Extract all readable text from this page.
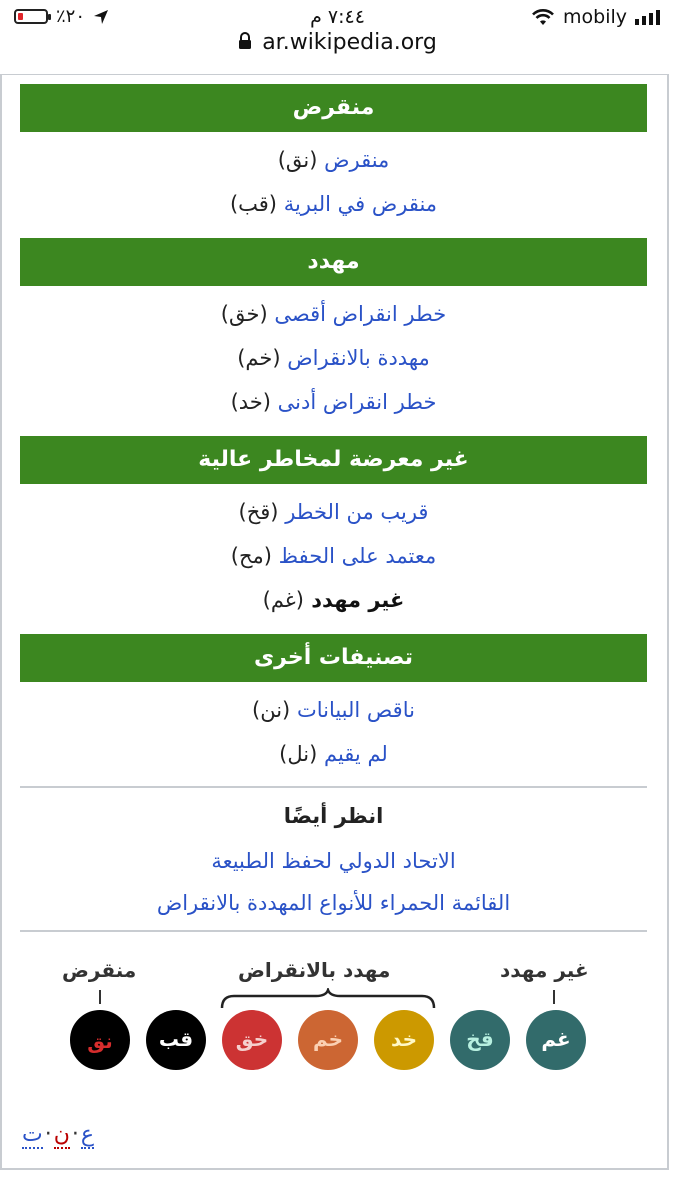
٪٢٠	٧:٤٤ م	mobily
ar.wikipedia.org
منقرض
منقرض (نق)
منقرض في البرية (قب)
مهدد
خطر انقراض أقصى (خق)
مهددة بالانقراض (خم)
خطر انقراض أدنى (خد)
غير معرضة لمخاطر عالية
قريب من الخطر (قخ)
معتمد على الحفظ (مح)
غير مهدد (غم)
تصنيفات أخرى
ناقص البيانات (نن)
لم يقيم (نل)
انظر أيضًا
الاتحاد الدولي لحفظ الطبيعة
القائمة الحمراء للأنواع المهددة بالانقراض
منقرض	مهدد بالانقراض	غير مهدد
نق	قب	خق	خم	خد	قخ	غم
ع·ن·ت
